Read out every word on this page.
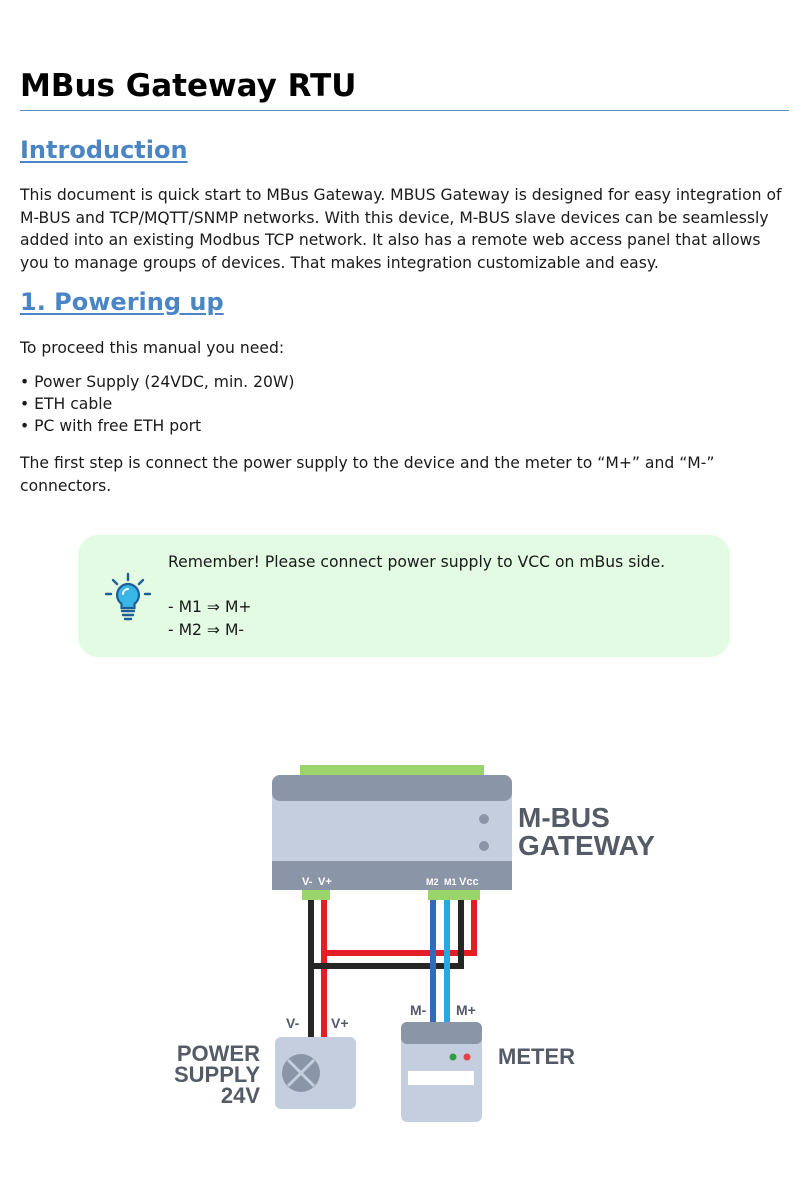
MBus Gateway RTU
Introduction

This document is quick start to MBus Gateway. MBUS Gateway is designed for easy integration of M-BUS and TCP/MQTT/SNMP networks. With this device, M-BUS slave devices can be seamlessly added into an existing Modbus TCP network. It also has a remote web access panel that allows you to manage groups of devices. That makes integration customizable and easy.

1. Powering up

To proceed this manual you need:

• Power Supply (24VDC, min. 20W)
• ETH cable
• PC with free ETH port

The first step is connect the power supply to the device and the meter to “M+” and “M-” connectors.

Remember! Please connect power supply to VCC on mBus side.

- M1 ⇒ M+
- M2 ⇒ M-

V- V+	M2 M1 Vcc
M-BUS
GATEWAY
V- V+
POWER
SUPPLY
24V
M- M+
METER
